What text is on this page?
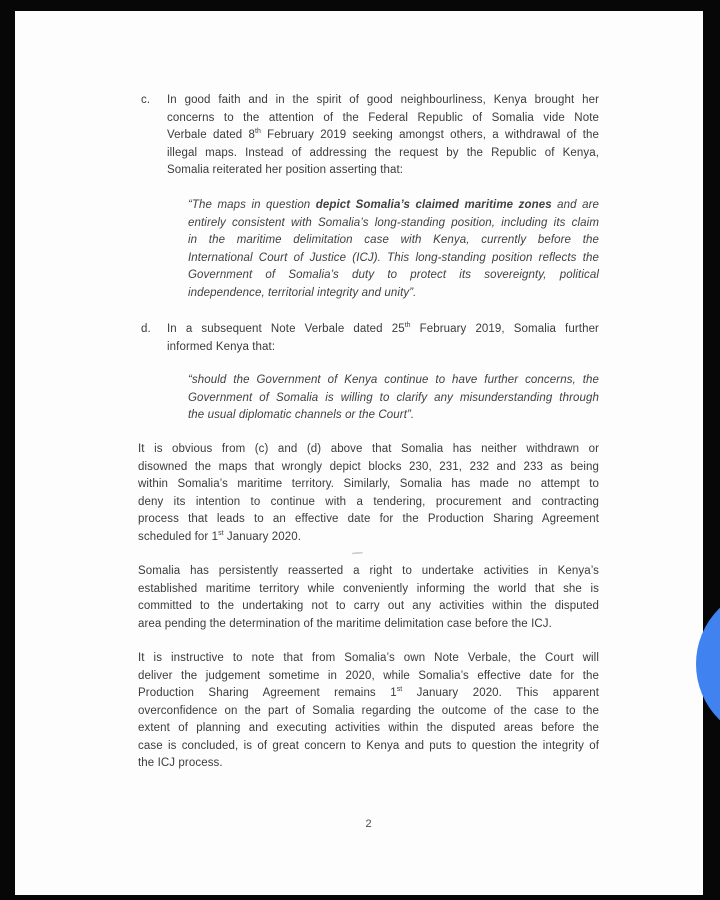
c. In good faith and in the spirit of good neighbourliness, Kenya brought her
concerns to the attention of the Federal Republic of Somalia vide Note
Verbale dated 8th February 2019 seeking amongst others, a withdrawal of the
illegal maps. Instead of addressing the request by the Republic of Kenya,
Somalia reiterated her position asserting that:
“The maps in question depict Somalia’s claimed maritime zones and are
entirely consistent with Somalia’s long-standing position, including its claim
in the maritime delimitation case with Kenya, currently before the
International Court of Justice (ICJ). This long-standing position reflects the
Government of Somalia’s duty to protect its sovereignty, political
independence, territorial integrity and unity”.
d. In a subsequent Note Verbale dated 25th February 2019, Somalia further
informed Kenya that:
“should the Government of Kenya continue to have further concerns, the
Government of Somalia is willing to clarify any misunderstanding through
the usual diplomatic channels or the Court”.
It is obvious from (c) and (d) above that Somalia has neither withdrawn or
disowned the maps that wrongly depict blocks 230, 231, 232 and 233 as being
within Somalia’s maritime territory. Similarly, Somalia has made no attempt to
deny its intention to continue with a tendering, procurement and contracting
process that leads to an effective date for the Production Sharing Agreement
scheduled for 1st January 2020.
Somalia has persistently reasserted a right to undertake activities in Kenya’s
established maritime territory while conveniently informing the world that she is
committed to the undertaking not to carry out any activities within the disputed
area pending the determination of the maritime delimitation case before the ICJ.
It is instructive to note that from Somalia’s own Note Verbale, the Court will
deliver the judgement sometime in 2020, while Somalia’s effective date for the
Production Sharing Agreement remains 1st January 2020. This apparent
overconfidence on the part of Somalia regarding the outcome of the case to the
extent of planning and executing activities within the disputed areas before the
case is concluded, is of great concern to Kenya and puts to question the integrity of
the ICJ process.
2
